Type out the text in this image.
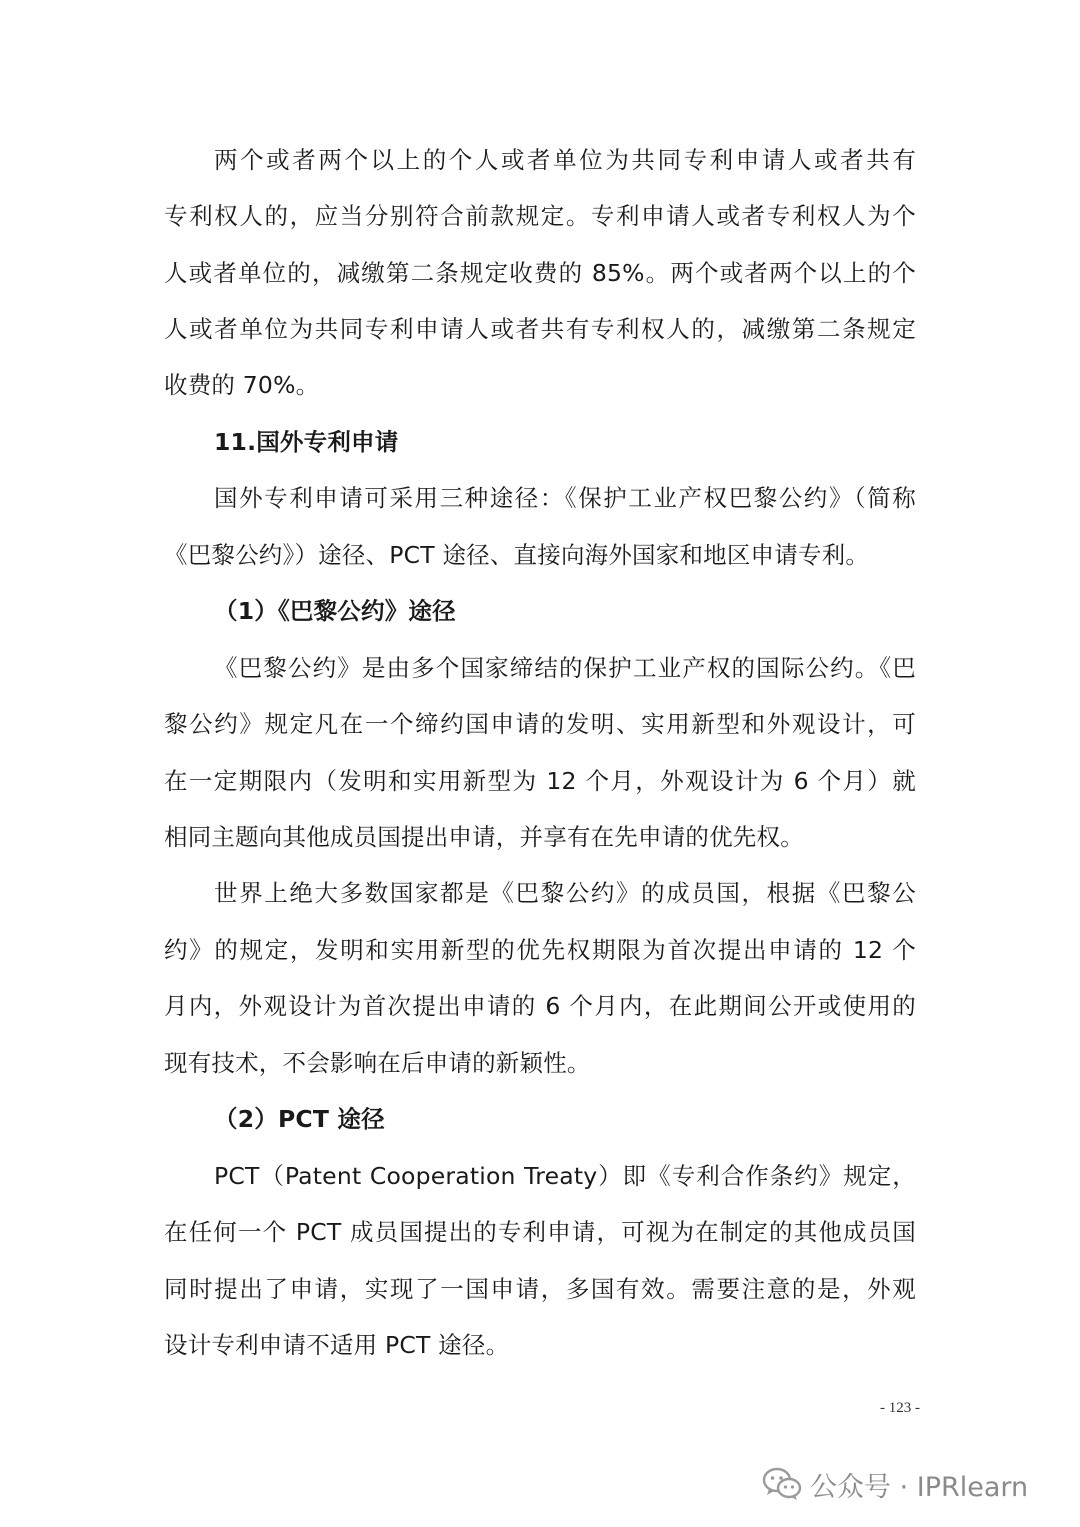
两个或者两个以上的个人或者单位为共同专利申请人或者共有
专利权人的，应当分别符合前款规定。专利申请人或者专利权人为个
人或者单位的，减缴第二条规定收费的 85%。两个或者两个以上的个
人或者单位为共同专利申请人或者共有专利权人的，减缴第二条规定
收费的 70%。
11.国外专利申请
国外专利申请可采用三种途径：《保护工业产权巴黎公约》（简称
《巴黎公约》）途径、PCT 途径、直接向海外国家和地区申请专利。
（1）《巴黎公约》途径
《巴黎公约》是由多个国家缔结的保护工业产权的国际公约。《巴
黎公约》规定凡在一个缔约国申请的发明、实用新型和外观设计，可
在一定期限内（发明和实用新型为 12 个月，外观设计为 6 个月）就
相同主题向其他成员国提出申请，并享有在先申请的优先权。
世界上绝大多数国家都是《巴黎公约》的成员国，根据《巴黎公
约》的规定，发明和实用新型的优先权期限为首次提出申请的 12 个
月内，外观设计为首次提出申请的 6 个月内，在此期间公开或使用的
现有技术，不会影响在后申请的新颖性。
（2）PCT 途径
PCT（Patent Cooperation Treaty）即《专利合作条约》规定，
在任何一个 PCT 成员国提出的专利申请，可视为在制定的其他成员国
同时提出了申请，实现了一国申请，多国有效。需要注意的是，外观
设计专利申请不适用 PCT 途径。
- 123 -
公众号 · IPRlearn
